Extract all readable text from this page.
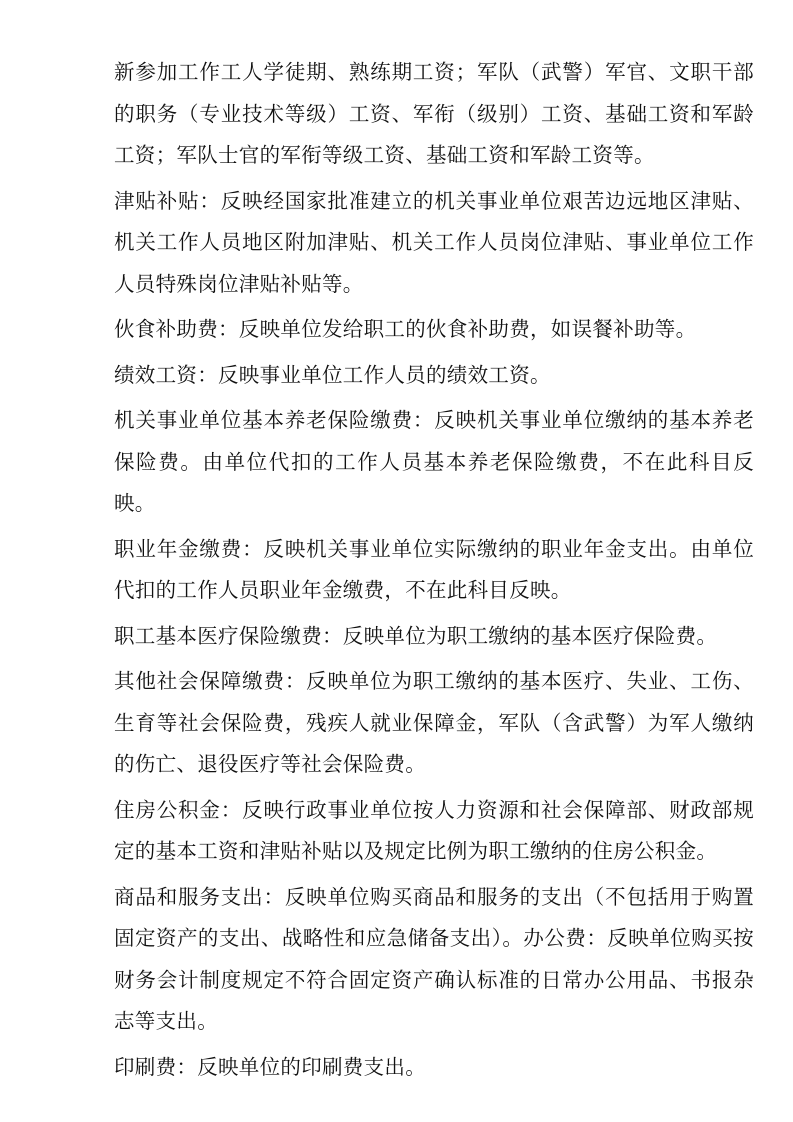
新参加工作工人学徒期、熟练期工资；军队（武警）军官、文职干部的职务（专业技术等级）工资、军衔（级别）工资、基础工资和军龄工资；军队士官的军衔等级工资、基础工资和军龄工资等。

津贴补贴：反映经国家批准建立的机关事业单位艰苦边远地区津贴、机关工作人员地区附加津贴、机关工作人员岗位津贴、事业单位工作人员特殊岗位津贴补贴等。

伙食补助费：反映单位发给职工的伙食补助费，如误餐补助等。

绩效工资：反映事业单位工作人员的绩效工资。

机关事业单位基本养老保险缴费：反映机关事业单位缴纳的基本养老保险费。由单位代扣的工作人员基本养老保险缴费，不在此科目反映。

职业年金缴费：反映机关事业单位实际缴纳的职业年金支出。由单位代扣的工作人员职业年金缴费，不在此科目反映。

职工基本医疗保险缴费：反映单位为职工缴纳的基本医疗保险费。

其他社会保障缴费：反映单位为职工缴纳的基本医疗、失业、工伤、生育等社会保险费，残疾人就业保障金，军队（含武警）为军人缴纳的伤亡、退役医疗等社会保险费。

住房公积金：反映行政事业单位按人力资源和社会保障部、财政部规定的基本工资和津贴补贴以及规定比例为职工缴纳的住房公积金。

商品和服务支出：反映单位购买商品和服务的支出（不包括用于购置固定资产的支出、战略性和应急储备支出）。办公费：反映单位购买按财务会计制度规定不符合固定资产确认标准的日常办公用品、书报杂志等支出。

印刷费：反映单位的印刷费支出。
